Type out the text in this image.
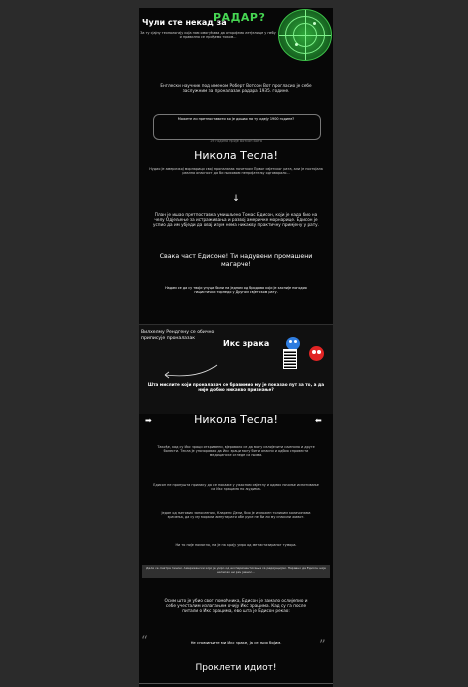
Чули сте некад за
РАДАР?
За ту сјајну технологију која нам омогућава да откријемо летјелице у небу и правилно се прођемо током...
Енглески научник под именом Роберт Вотсон Вот прогласио је себе заслужним за проналазак радара 1935. године.
Можете ли претпоставити ко је дошао на ту идеју 1900 године?
19 година прије Вотсон Вота
Никола Тесла!
Нудио је америчкој морнарици свој проналазак почетком Првог свјетског рата, али је постојала реална опасност да би њиховом непријатељу одговарало...
↓
План је ишао претпоставка умишљено Томас Едисон, који је када био на челу Одјељење за истраживања и развој америчке морнарице. Едисон је успио да им убједи да овај изум нема никакву практичну примјену у рату.
Свака част Едисоне! Ти надувени промашени магарче!
Надам се да су твоји унуци били на једном од бродова који је касније погодио нацистички торпедо у Другом свјетском рату.
Вилхелму Рендгену се обично приписује проналазак
Икс зрака
Шта мислите који проналазач се бравимио му је показао пут за то, а да није добио никакво признање?
➡	Никола Тесла!	⬅
Такође, кад су Икс зраци откривени, вјеровало се да могу излијечити сљепило и друге болести. Тесла је упозоравао да Икс зраци могу бити опасни и одбио спровести медицинске огледе са њима.
Едисон не пропушта прилику да се покаже у ужасном свјетлу и одмах почиње испитивање са Икс зрацима по људима.
Један од његових запослених, Кларенс Дели, био је изложен толиким количинама зрачења, да су му морали ампутирати обе руке не би ли му спасили живот.
Ни то није помогло, па је на крају умро од метастазираног тумора.
Дали се сматра пином. Американски који је умро од експериментисања са радијацијом. Наравно да Едисон није написао ни реч јавнос...
Осим што је убио свог помоћника, Едисон је замало ослијепио и себе учесталим излагањем очију Икс зрацима. Кад су га после питали о Икс зрацима, ево шта је Едисон рекао:
“	Не спомињите ми Икс зраке, ја се њих бојим.	”
Проклети идиот!
